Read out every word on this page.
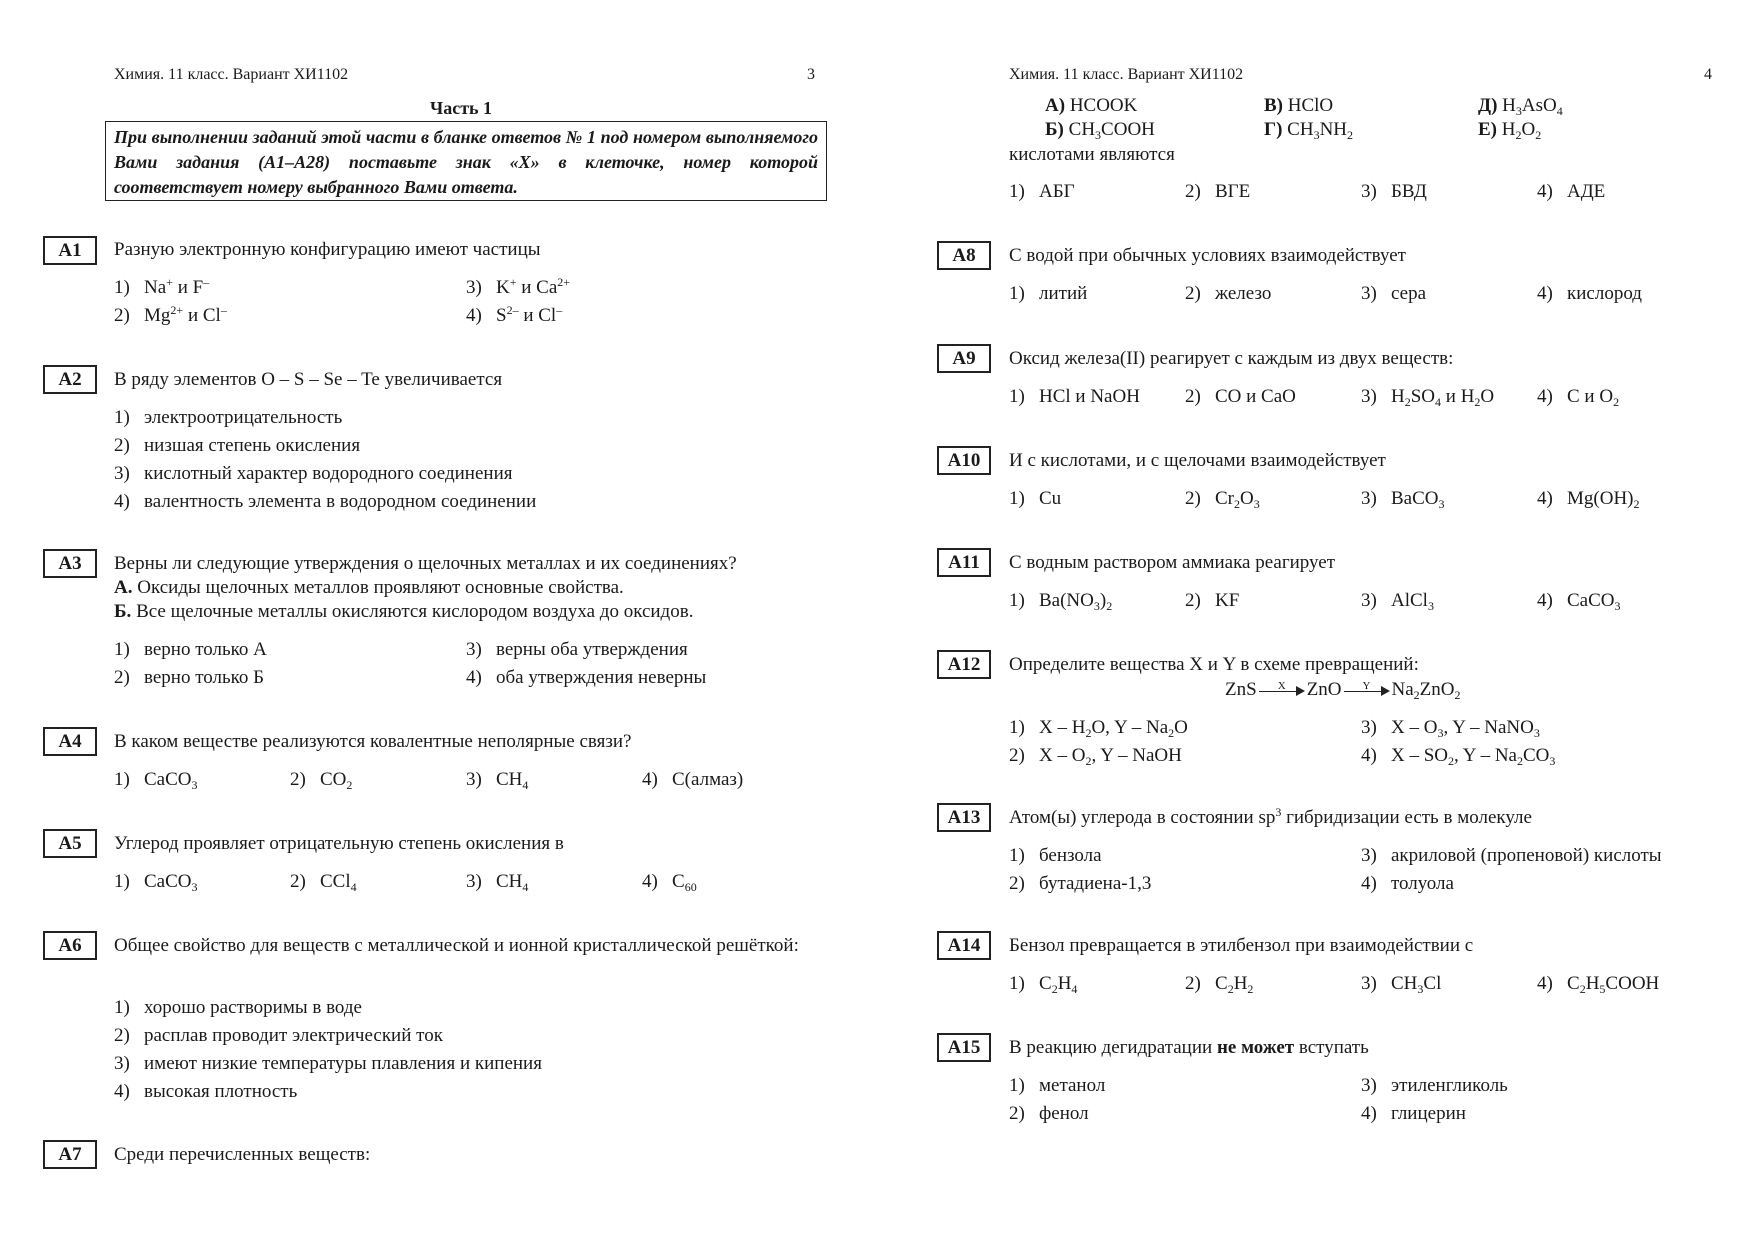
Химия. 11 класс. Вариант ХИ1102	3
Часть 1
При выполнении заданий этой части в бланке ответов № 1 под номером выполняемого Вами задания (А1–А28) поставьте знак «X» в клеточке, номер которой соответствует номеру выбранного Вами ответа.
А1	Разную электронную конфигурацию имеют частицы
1) Na+ и F–
2) $Mg^{2+}$ и Cl–
3) K+ и $Ca^{2+}$
4) $S^{2-}$ и Cl–
А2	В ряду элементов O – S – Se – Te увеличивается
1) электроотрицательность
2) низшая степень окисления
3) кислотный характер водородного соединения
4) валентность элемента в водородном соединении
А3	Верны ли следующие утверждения о щелочных металлах и их соединениях?
А. Оксиды щелочных металлов проявляют основные свойства.
Б. Все щелочные металлы окисляются кислородом воздуха до оксидов.
1) верно только А
2) верно только Б
3) верны оба утверждения
4) оба утверждения неверны
А4	В каком веществе реализуются ковалентные неполярные связи?
1) CaCO$_3$	2) $CO_2$	3) $CH_4$	4) C(алмаз)
А5	Углерод проявляет отрицательную степень окисления в
1) CaCO$_3$	2) CCl$_4$	3) $CH_4$	4) $C_{60}$
А6	Общее свойство для веществ с металлической и ионной кристаллической решёткой:
1) хорошо растворимы в воде
2) расплав проводит электрический ток
3) имеют низкие температуры плавления и кипения
4) высокая плотность
А7	Среди перечисленных веществ:
Химия. 11 класс. Вариант ХИ1102	4
А) HCOOK
Б) $CH_3COOH$
В) HClO
Г) $CH_3NH_2$
Д) $H_3AsO_4$
Е) $H_2O_2$
кислотами являются
1) АБГ	2) ВГЕ	3) БВД	4) АДЕ
А8	С водой при обычных условиях взаимодействует
1) литий	2) железо	3) сера	4) кислород
А9	Оксид железа(II) реагирует с каждым из двух веществ:
1) HCl и NaOH 2) CO и CaO	3) $H_2SO_4$ и $H_2O$ 4) C и $O_2$
А10	И с кислотами, и с щелочами взаимодействует
1) Cu	2) $Cr_2O_3$	3) BaCO$_3$	4) $Mg(OH)_2$
А11	С водным раствором аммиака реагирует
1) $Ba(NO_3)_2$	2) KF	3) AlCl$_3$	4) CaCO$_3$
А12	Определите вещества X и Y в схеме превращений:
ZnS	X	ZnO	Y	$Na_2ZnO_2$
1) X – $H_2O$, Y – $Na_2O$
2) X – $O_2$, Y – NaOH
3) X – $O_3$, Y – NaNO$_3$
4) X – $SO_2$, Y – $Na_2CO_3$
А13	Атом(ы) углерода в состоянии $sp^3$ гибридизации есть в молекуле
1) бензола
2) бутадиена-1,3
3) акриловой (пропеновой) кислоты
4) толуола
А14	Бензол превращается в этилбензол при взаимодействии с
1) $C_2H_4$	2) $C_2H_2$	3) $CH_3Cl$	4) $C_2H_5COOH$
А15	В реакцию дегидратации не может вступать
1) метанол
2) фенол
3) этиленгликоль
4) глицерин
